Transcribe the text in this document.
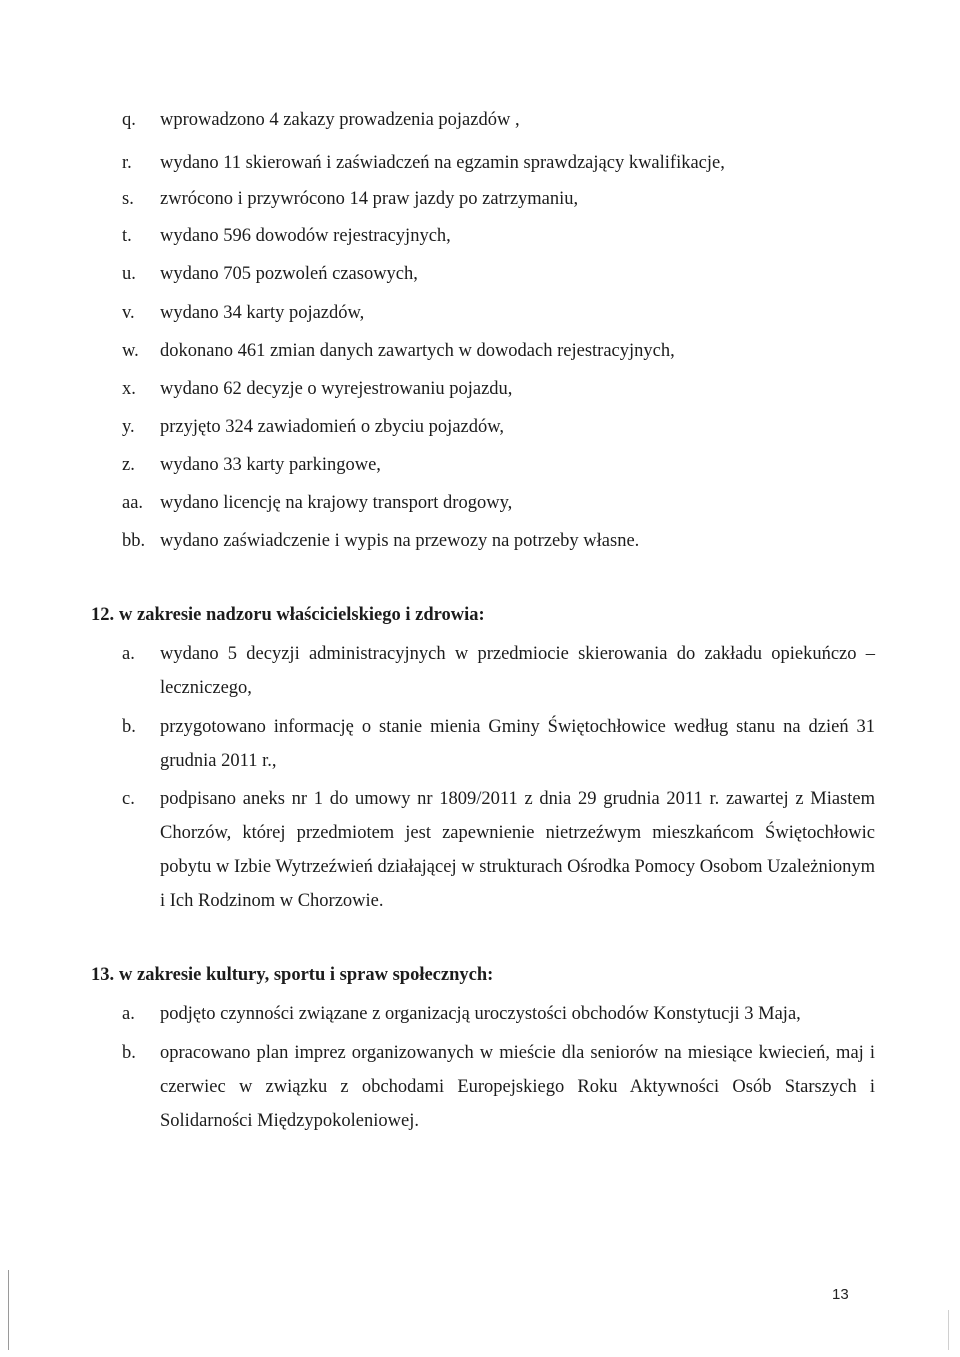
q. wprowadzono 4 zakazy prowadzenia pojazdów ,
r. wydano 11 skierowań i zaświadczeń na egzamin sprawdzający kwalifikacje,
s. zwrócono i przywrócono 14 praw jazdy po zatrzymaniu,
t. wydano 596 dowodów rejestracyjnych,
u. wydano 705 pozwoleń czasowych,
v. wydano 34 karty pojazdów,
w. dokonano 461 zmian danych zawartych w dowodach rejestracyjnych,
x. wydano 62 decyzje o wyrejestrowaniu pojazdu,
y. przyjęto 324 zawiadomień o zbyciu pojazdów,
z. wydano 33 karty parkingowe,
aa. wydano licencję na krajowy transport drogowy,
bb. wydano zaświadczenie i wypis na przewozy na potrzeby własne.
12. w zakresie nadzoru właścicielskiego i zdrowia:
a. wydano 5 decyzji administracyjnych w przedmiocie skierowania do zakładu opiekuńczo – leczniczego,
b. przygotowano informację o stanie mienia Gminy Świętochłowice według stanu na dzień 31 grudnia 2011 r.,
c. podpisano aneks nr 1 do umowy nr 1809/2011 z dnia 29 grudnia 2011 r. zawartej z Miastem Chorzów, której przedmiotem jest zapewnienie nietrzeźwym mieszkańcom Świętochłowic pobytu w Izbie Wytrzeźwień działającej w strukturach Ośrodka Pomocy Osobom Uzależnionym i Ich Rodzinom w Chorzowie.
13. w zakresie kultury, sportu i spraw społecznych:
a. podjęto czynności związane z organizacją uroczystości obchodów Konstytucji 3 Maja,
b. opracowano plan imprez organizowanych w mieście dla seniorów na miesiące kwiecień, maj i czerwiec w związku z obchodami Europejskiego Roku Aktywności Osób Starszych i Solidarności Międzypokoleniowej.
13
